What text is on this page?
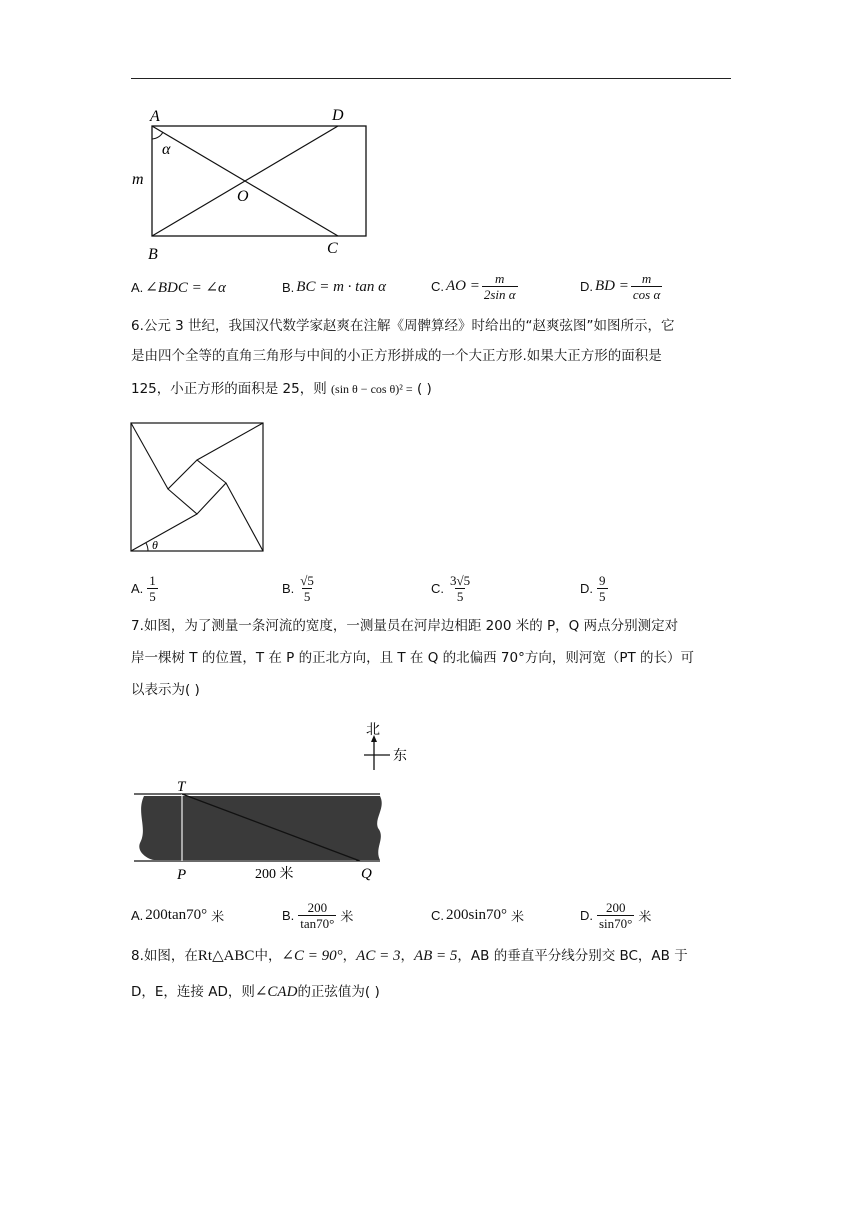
A	D
B	C
O
m
α
A. ∠BDC = ∠α	B. BC = m · tan α	C. AO = $\frac{m}{\text{2sin α}}$	D. BD = $\frac{m}{\text{cos α}}$
6.公元 3 世纪，我国汉代数学家赵爽在注解《周髀算经》时给出的“赵爽弦图”如图所示，它
是由四个全等的直角三角形与中间的小正方形拼成的一个大正方形.如果大正方形的面积是
125，小正方形的面积是 25，则 (sin θ − cos θ)² = ( )
θ
A. $\frac{1}{5}$	B. $\frac{√5}{5}$	C. $\frac{3√5}{5}$	D. $\frac{9}{5}$
7.如图，为了测量一条河流的宽度，一测量员在河岸边相距 200 米的 P，Q 两点分别测定对
岸一棵树 T 的位置，T 在 P 的正北方向，且 T 在 Q 的北偏西 70°方向，则河宽（PT 的长）可
以表示为( )
北
东
T
P	Q
200 米
A. 200tan70° 米	B. $\frac{200}{\tan 70^\circ}$ 米	C. 200sin70° 米	D. $\frac{200}{\sin 70^\circ}$ 米
8.如图，在Rt△ABC中，∠C = 90°，AC = 3，AB = 5，AB 的垂直平分线分别交 BC，AB 于
D，E，连接 AD，则∠CAD的正弦值为( )
